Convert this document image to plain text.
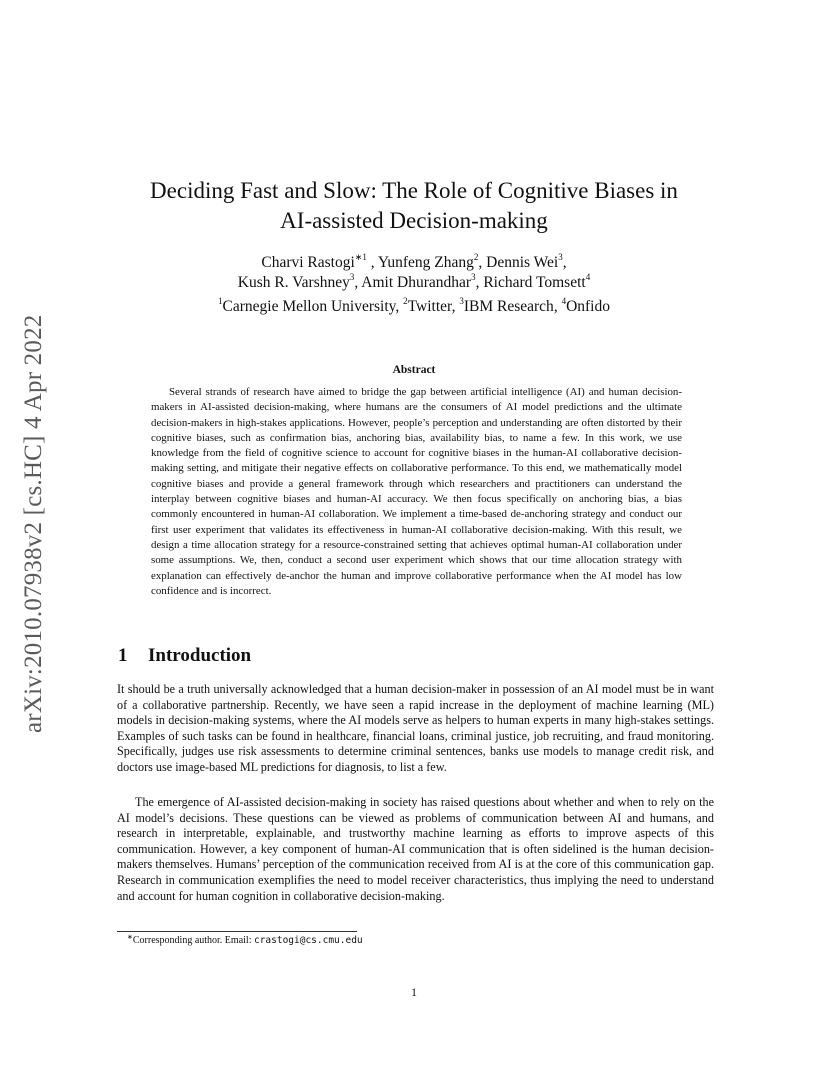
arXiv:2010.07938v2 [cs.HC] 4 Apr 2022
Deciding Fast and Slow: The Role of Cognitive Biases in
AI-assisted Decision-making
Charvi Rastogi$^{∗1}$ , Yunfeng Zhang$^2$, Dennis Wei$^3$,
Kush R. Varshney$^3$, Amit Dhurandhar$^3$, Richard Tomsett$^4$
$^1$Carnegie Mellon University, $^2$Twitter, $^3$IBM Research, $^4$Onfido
Abstract

Several strands of research have aimed to bridge the gap between artificial intelligence (AI) and human decision-makers in AI-assisted decision-making, where humans are the consumers of AI model predictions and the ultimate decision-makers in high-stakes applications. However, people’s perception and understanding are often distorted by their cognitive biases, such as confirmation bias, anchoring bias, availability bias, to name a few. In this work, we use knowledge from the field of cognitive science to account for cognitive biases in the human-AI collaborative decision-making setting, and mitigate their negative effects on collaborative performance. To this end, we mathematically model cognitive biases and provide a general framework through which researchers and practitioners can understand the interplay between cognitive biases and human-AI accuracy. We then focus specifically on anchoring bias, a bias commonly encountered in human-AI collaboration. We implement a time-based de-anchoring strategy and conduct our first user experiment that validates its effectiveness in human-AI collaborative decision-making. With this result, we design a time allocation strategy for a resource-constrained setting that achieves optimal human-AI collaboration under some assumptions. We, then, conduct a second user experiment which shows that our time allocation strategy with explanation can effectively de-anchor the human and improve collaborative performance when the AI model has low confidence and is incorrect.

1 Introduction

It should be a truth universally acknowledged that a human decision-maker in possession of an AI model must be in want of a collaborative partnership. Recently, we have seen a rapid increase in the deployment of machine learning (ML) models in decision-making systems, where the AI models serve as helpers to human experts in many high-stakes settings. Examples of such tasks can be found in healthcare, financial loans, criminal justice, job recruiting, and fraud monitoring. Specifically, judges use risk assessments to determine criminal sentences, banks use models to manage credit risk, and doctors use image-based ML predictions for diagnosis, to list a few.

The emergence of AI-assisted decision-making in society has raised questions about whether and when to rely on the AI model’s decisions. These questions can be viewed as problems of communication between AI and humans, and research in interpretable, explainable, and trustworthy machine learning as efforts to improve aspects of this communication. However, a key component of human-AI communication that is often sidelined is the human decision-makers themselves. Humans’ perception of the communication received from AI is at the core of this communication gap. Research in communication exemplifies the need to model receiver characteristics, thus implying the need to understand and account for human cognition in collaborative decision-making.

∗Corresponding author. Email: crastogi@cs.cmu.edu
1
